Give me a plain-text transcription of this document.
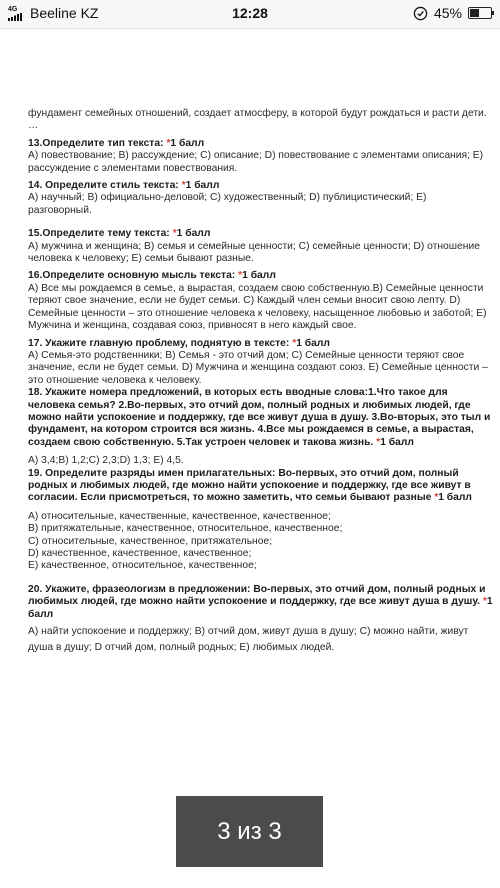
4G Beeline KZ	12:28	45%

фундамент семейных отношений, создает атмосферу, в которой будут рождаться и расти дети. …

13.Определите тип текста: *1 балл

А) повествование; В) рассуждение; С) описание; D) повествование с элементами описания; Е) рассуждение с элементами повествования.

14. Определите стиль текста: *1 балл

А) научный; В) официально-деловой; С) художественный; D) публицистический; Е) разговорный.

15.Определите тему текста: *1 балл

А) мужчина и женщина; В) семья и семейные ценности; С) семейные ценности; D) отношение человека к человеку; Е) семьи бывают разные.

16.Определите основную мысль текста: *1 балл

А) Все мы рождаемся в семье, а вырастая, создаем свою собственную.В) Семейные ценности теряют свое значение, если не будет семьи. С) Каждый член семьи вносит свою лепту. D) Семейные ценности – это отношение человека к человеку, насыщенное любовью и заботой; Е) Мужчина и женщина, создавая союз, привносят в него каждый свое.

17. Укажите главную проблему, поднятую в тексте: *1 балл

А) Семья-это родственники; В) Семья - это отчий дом; С) Семейные ценности теряют свое значение, если не будет семьи. D) Мужчина и женщина создают союз. Е) Семейные ценности – это отношение человека к человеку.

18. Укажите номера предложений, в которых есть вводные слова:1.Что такое для человека семья? 2.Во-первых, это отчий дом, полный родных и любимых людей, где можно найти успокоение и поддержку, где все живут душа в душу. 3.Во-вторых, это тыл и фундамент, на котором строится вся жизнь. 4.Все мы рождаемся в семье, а вырастая, создаем свою собственную. 5.Так устроен человек и такова жизнь. *1 балл

А) 3,4;В) 1,2;С) 2,3;D) 1,3; Е) 4,5.

19. Определите разряды имен прилагательных: Во-первых, это отчий дом, полный родных и любимых людей, где можно найти успокоение и поддержку, где все живут в согласии. Если присмотреться, то можно заметить, что семьи бывают разные *1 балл

А) относительные, качественные, качественное, качественное;

В) притяжательные, качественное, относительное, качественное;

С) относительные, качественное, притяжательное;

D) качественное, качественное, качественное;

Е) качественное, относительное, качественное;

20. Укажите, фразеологизм в предложении: Во-первых, это отчий дом, полный родных и любимых людей, где можно найти успокоение и поддержку, где все живут душа в душу. *1 балл

А) найти успокоение и поддержку; В) отчий дом, живут душа в душу; С) можно найти, живут душа в душу; D отчий дом, полный родных; Е) любимых людей.

3 из 3
